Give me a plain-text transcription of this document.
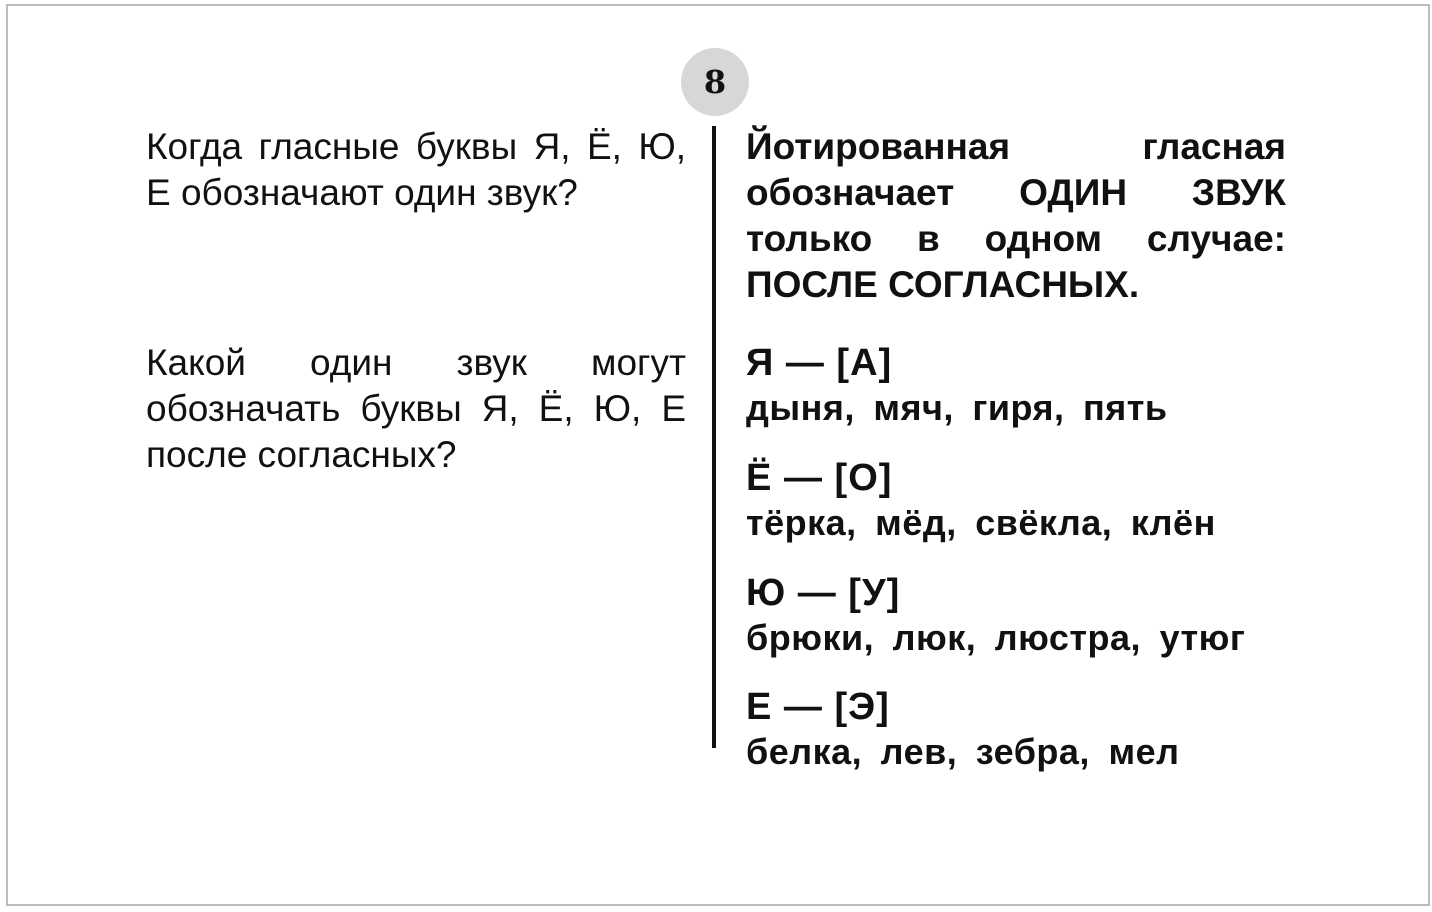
8

Когда гласные буквы Я, Ё, Ю, Е обозначают один звук?

Какой один звук могут обозначать буквы Я, Ё, Ю, Е после согласных?

Йотированная гласная обозначает ОДИН ЗВУК только в одном случае: ПОСЛЕ СОГЛАСНЫХ.

Я — [А]
дыня, мяч, гиря, пять
Ё — [О]
тёрка, мёд, свёкла, клён
Ю — [У]
брюки, люк, люстра, утюг
Е — [Э]
белка, лев, зебра, мел
